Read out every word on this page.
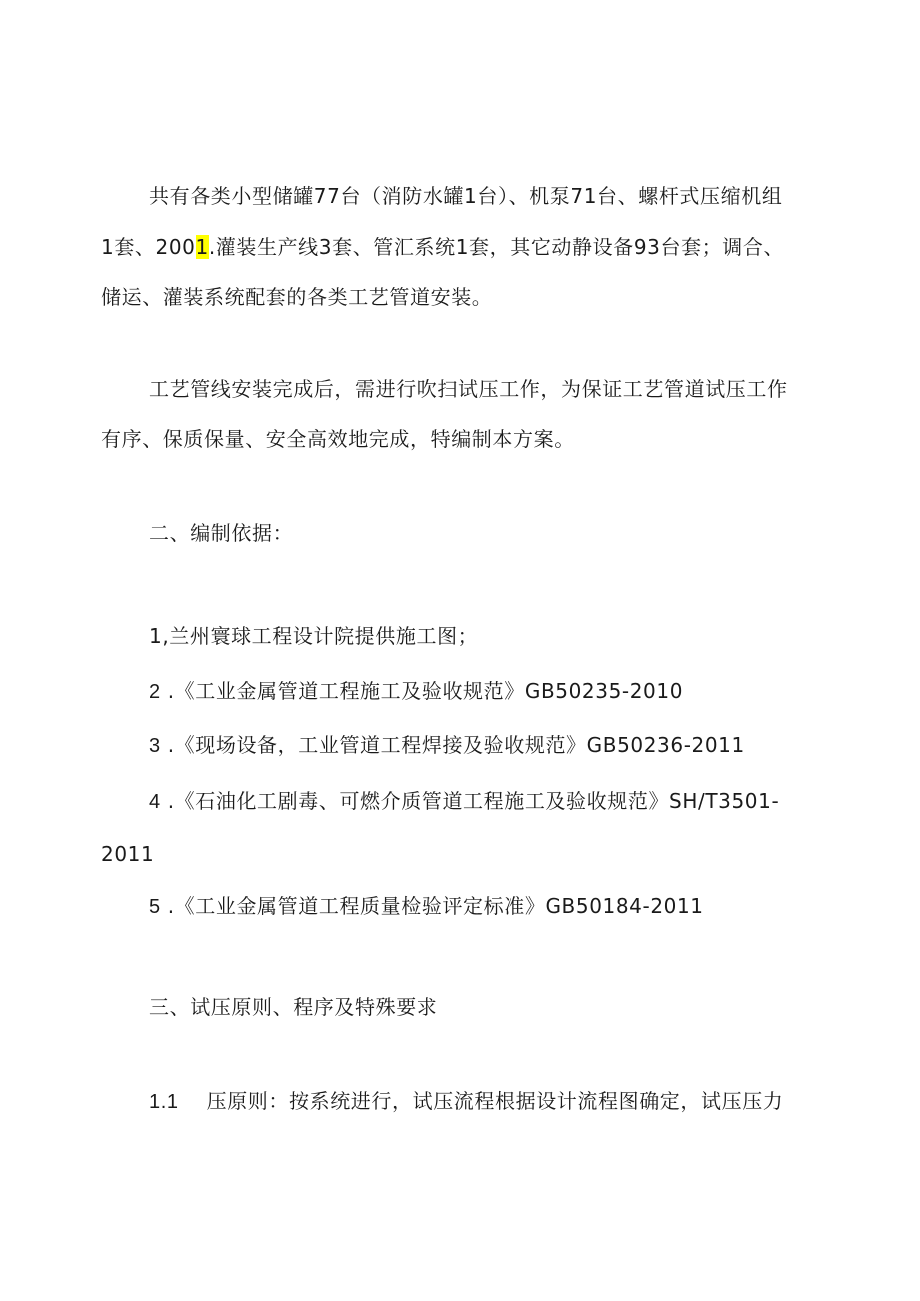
共有各类小型储罐77台（消防水罐1台）、机泵71台、螺杆式压缩机组
1套、2001.灌装生产线3套、管汇系统1套，其它动静设备93台套；调合、
储运、灌装系统配套的各类工艺管道安装。
工艺管线安装完成后，需进行吹扫试压工作，为保证工艺管道试压工作
有序、保质保量、安全高效地完成，特编制本方案。
二、编制依据：
1,兰州寰球工程设计院提供施工图；
2 .《工业金属管道工程施工及验收规范》GB50235-2010
3 .《现场设备，工业管道工程焊接及验收规范》GB50236-2011
4 .《石油化工剧毒、可燃介质管道工程施工及验收规范》SH/T3501-
2011
5 .《工业金属管道工程质量检验评定标准》GB50184-2011
三、试压原则、程序及特殊要求
1.1 压原则：按系统进行，试压流程根据设计流程图确定，试压压力
